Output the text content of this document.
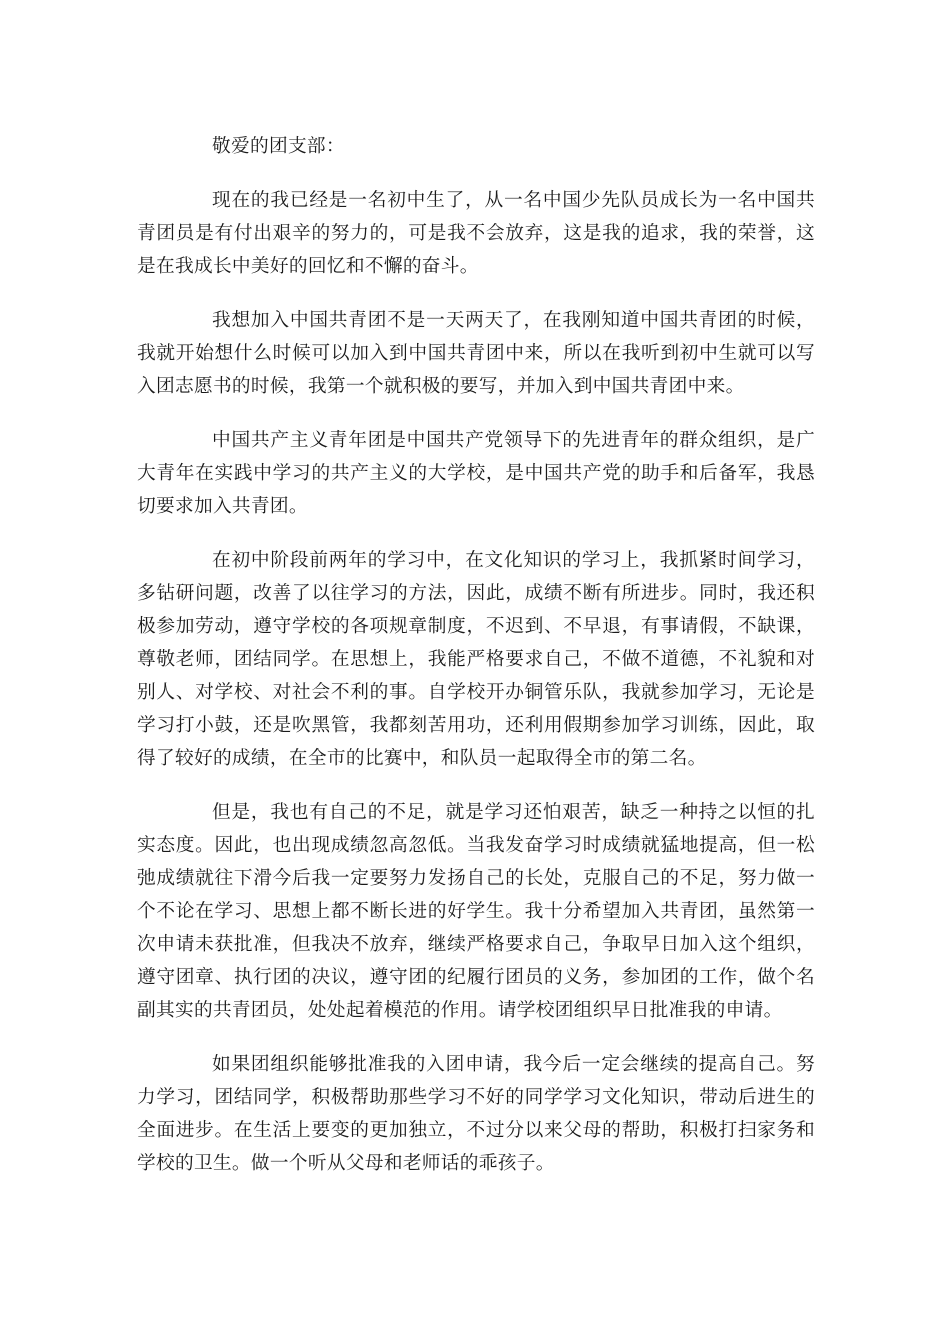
敬爱的团支部：

现在的我已经是一名初中生了，从一名中国少先队员成长为一名中国共青团员是有付出艰辛的努力的，可是我不会放弃，这是我的追求，我的荣誉，这是在我成长中美好的回忆和不懈的奋斗。

我想加入中国共青团不是一天两天了，在我刚知道中国共青团的时候，我就开始想什么时候可以加入到中国共青团中来，所以在我听到初中生就可以写入团志愿书的时候，我第一个就积极的要写，并加入到中国共青团中来。

中国共产主义青年团是中国共产党领导下的先进青年的群众组织，是广大青年在实践中学习的共产主义的大学校，是中国共产党的助手和后备军，我恳切要求加入共青团。

在初中阶段前两年的学习中，在文化知识的学习上，我抓紧时间学习，多钻研问题，改善了以往学习的方法，因此，成绩不断有所进步。同时，我还积极参加劳动，遵守学校的各项规章制度，不迟到、不早退，有事请假，不缺课，尊敬老师，团结同学。在思想上，我能严格要求自己，不做不道德，不礼貌和对别人、对学校、对社会不利的事。自学校开办铜管乐队，我就参加学习，无论是学习打小鼓，还是吹黑管，我都刻苦用功，还利用假期参加学习训练，因此，取得了较好的成绩，在全市的比赛中，和队员一起取得全市的第二名。

但是，我也有自己的不足，就是学习还怕艰苦，缺乏一种持之以恒的扎实态度。因此，也出现成绩忽高忽低。当我发奋学习时成绩就猛地提高，但一松弛成绩就往下滑今后我一定要努力发扬自己的长处，克服自己的不足，努力做一个不论在学习、思想上都不断长进的好学生。我十分希望加入共青团，虽然第一次申请未获批准，但我决不放弃，继续严格要求自己，争取早日加入这个组织，遵守团章、执行团的决议，遵守团的纪履行团员的义务，参加团的工作，做个名副其实的共青团员，处处起着模范的作用。请学校团组织早日批准我的申请。

如果团组织能够批准我的入团申请，我今后一定会继续的提高自己。努力学习，团结同学，积极帮助那些学习不好的同学学习文化知识，带动后进生的全面进步。在生活上要变的更加独立，不过分以来父母的帮助，积极打扫家务和学校的卫生。做一个听从父母和老师话的乖孩子。
